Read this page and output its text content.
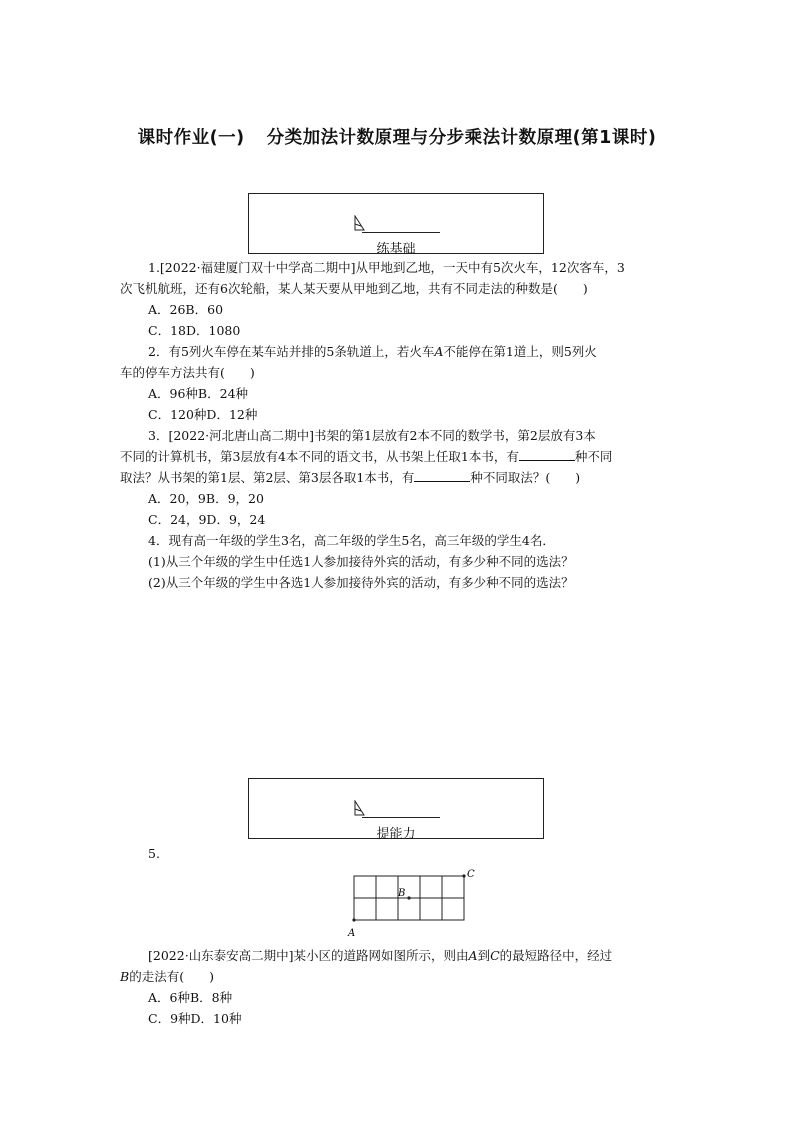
课时作业(一) 分类加法计数原理与分步乘法计数原理(第1课时)
练基础
1.[2022·福建厦门双十中学高二期中]从甲地到乙地，一天中有5次火车，12次客车，3
次飞机航班，还有6次轮船，某人某天要从甲地到乙地，共有不同走法的种数是(　　)
A．26B．60
C．18D．1080
2．有5列火车停在某车站并排的5条轨道上，若火车A不能停在第1道上，则5列火
车的停车方法共有(　　)
A．96种B．24种
C．120种D．12种
3．[2022·河北唐山高二期中]书架的第1层放有2本不同的数学书，第2层放有3本
不同的计算机书，第3层放有4本不同的语文书，从书架上任取1本书，有	种不同
取法？从书架的第1层、第2层、第3层各取1本书，有	种不同取法？(　　)
A．20，9B．9，20
C．24，9D．9，24
4．现有高一年级的学生3名，高二年级的学生5名，高三年级的学生4名．
(1)从三个年级的学生中任选1人参加接待外宾的活动，有多少种不同的选法？
(2)从三个年级的学生中各选1人参加接待外宾的活动，有多少种不同的选法？
提能力
5.
A
B
C
[2022·山东泰安高二期中]某小区的道路网如图所示，则由A到C的最短路径中，经过
B的走法有(　　)
A．6种B．8种
C．9种D．10种
